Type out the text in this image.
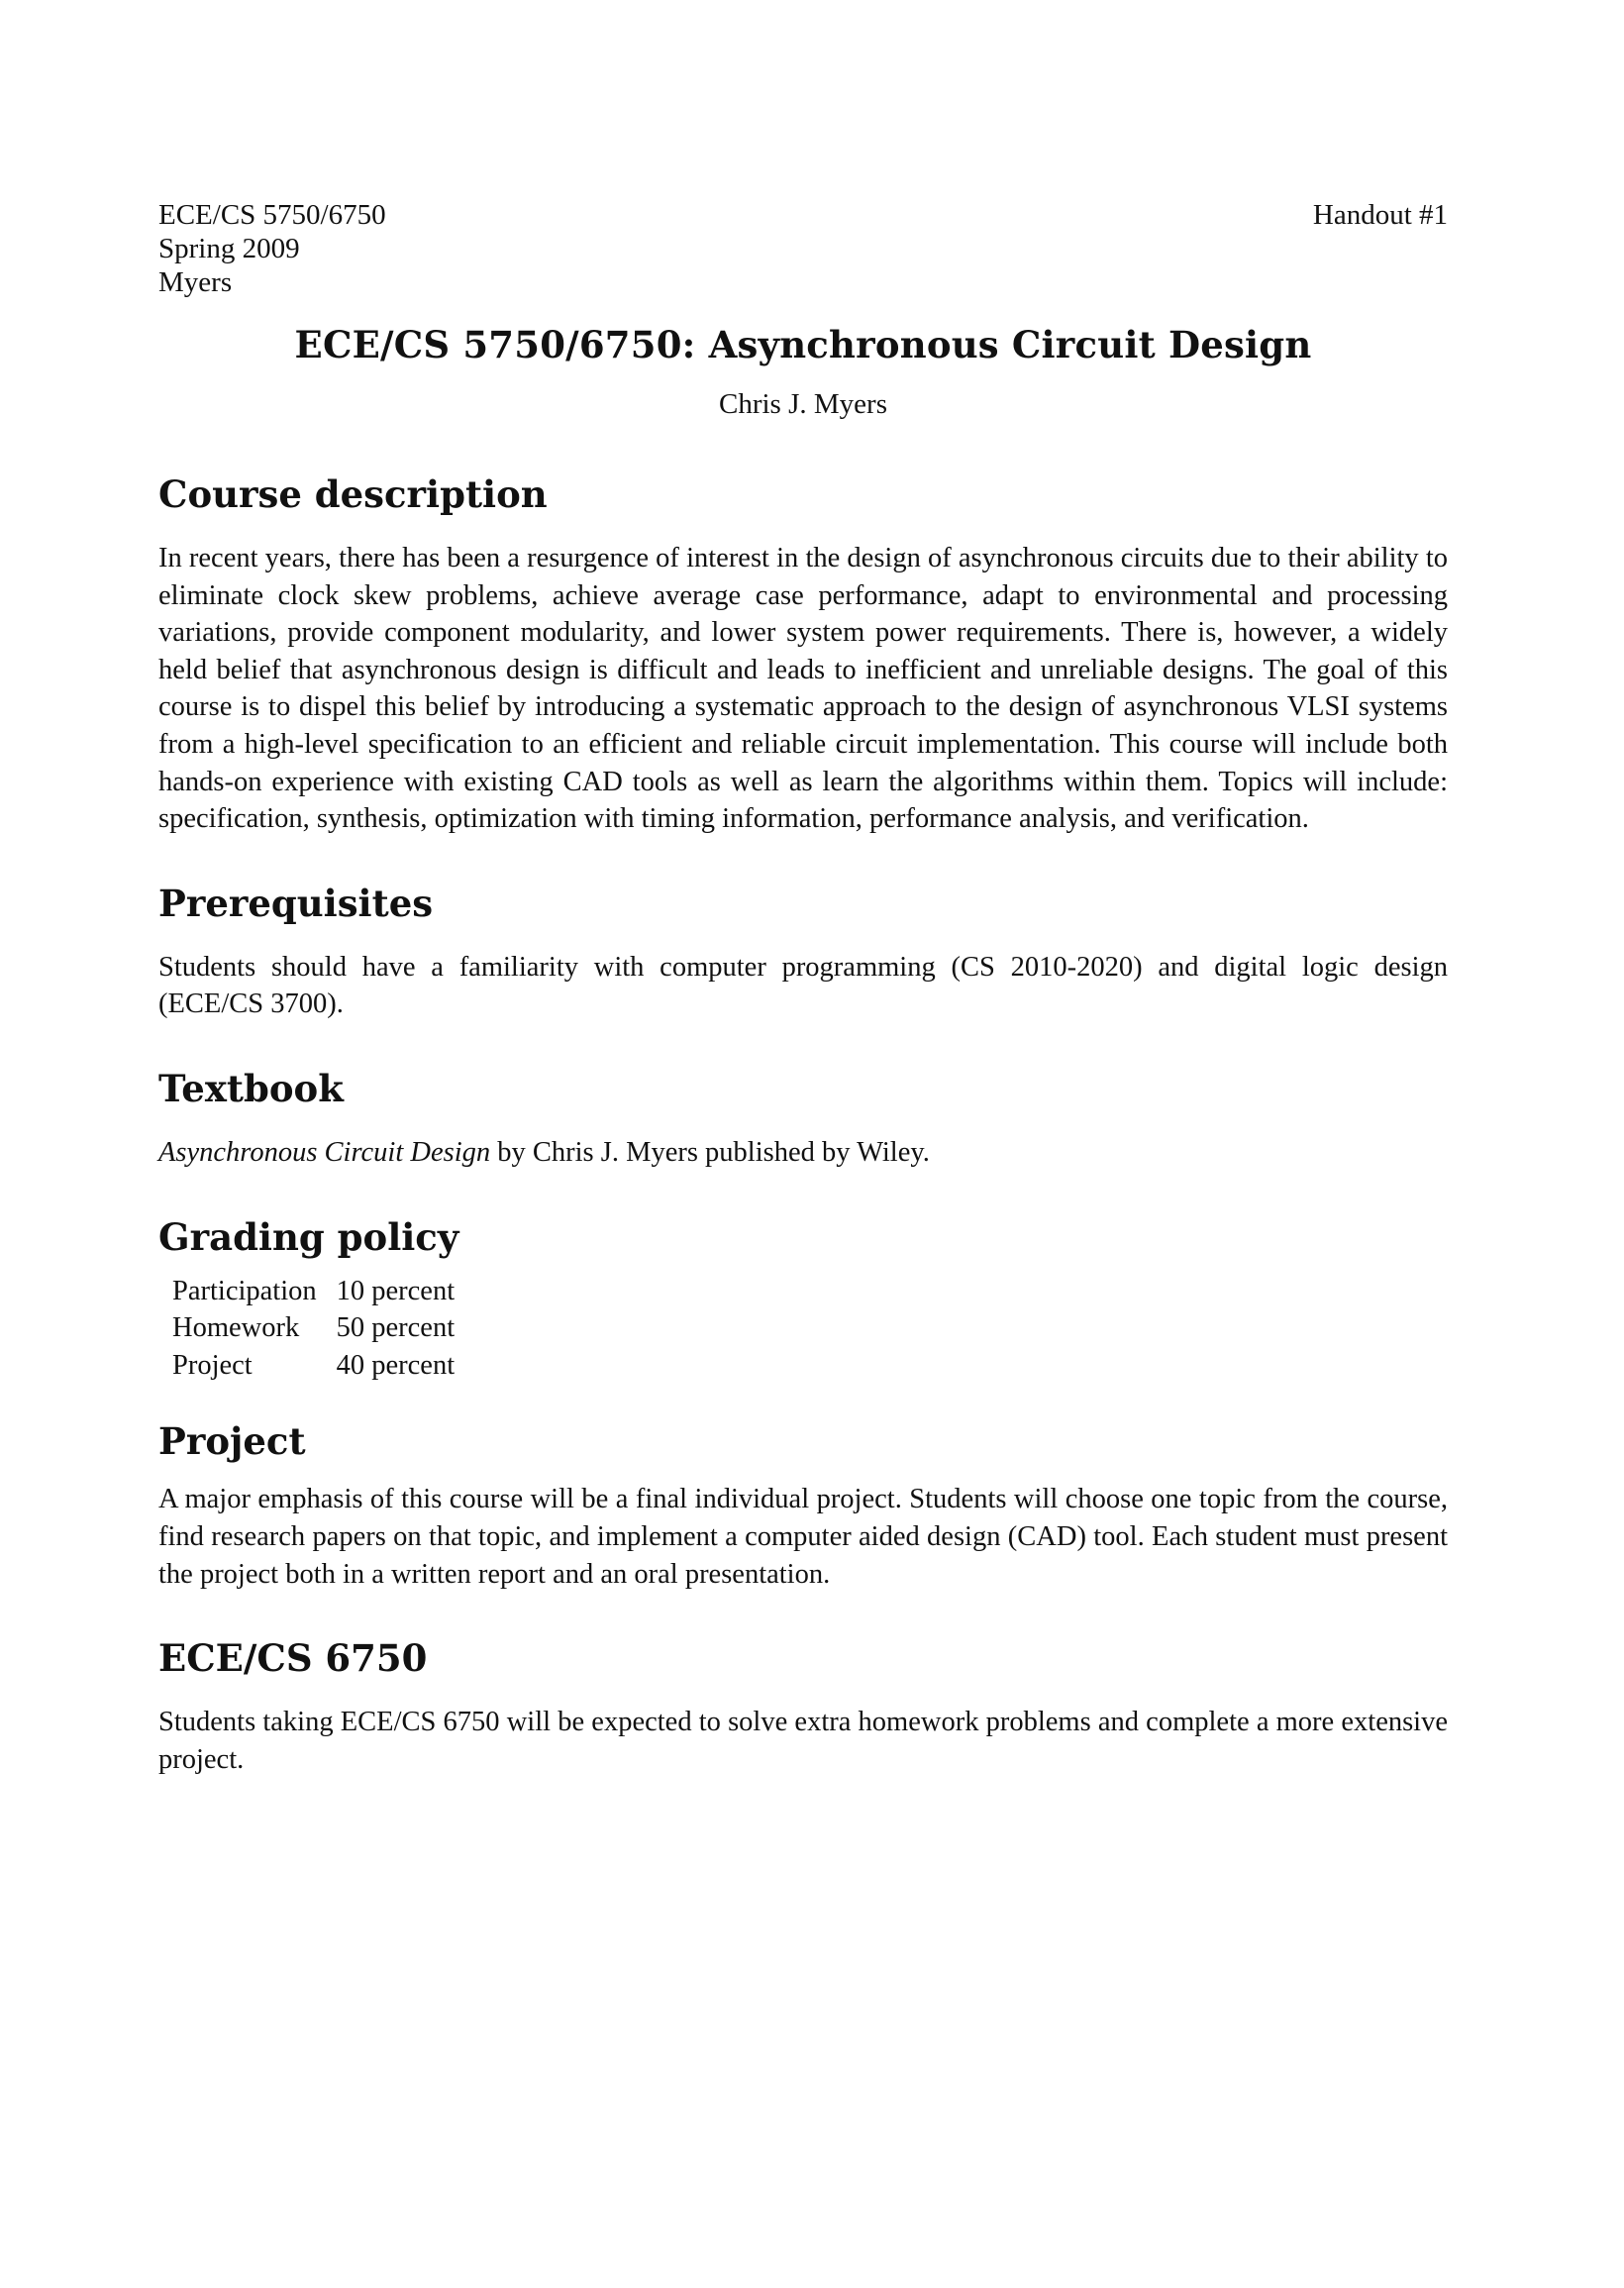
ECE/CS 5750/6750
Spring 2009
Myers
Handout #1
ECE/CS 5750/6750: Asynchronous Circuit Design
Chris J. Myers
Course description

In recent years, there has been a resurgence of interest in the design of asynchronous circuits due to their ability to eliminate clock skew problems, achieve average case performance, adapt to environmental and processing variations, provide component modularity, and lower system power requirements. There is, however, a widely held belief that asynchronous design is difficult and leads to inefficient and unreliable designs. The goal of this course is to dispel this belief by introducing a systematic approach to the design of asynchronous VLSI systems from a high-level specification to an efficient and reliable circuit implementation. This course will include both hands-on experience with existing CAD tools as well as learn the algorithms within them. Topics will include: specification, synthesis, optimization with timing information, performance analysis, and verification.

Prerequisites

Students should have a familiarity with computer programming (CS 2010-2020) and digital logic design (ECE/CS 3700).

Textbook

Asynchronous Circuit Design by Chris J. Myers published by Wiley.

Grading policy
Participation	10 percent
Homework	50 percent
Project	40 percent
Project

A major emphasis of this course will be a final individual project. Students will choose one topic from the course, find research papers on that topic, and implement a computer aided design (CAD) tool. Each student must present the project both in a written report and an oral presentation.

ECE/CS 6750

Students taking ECE/CS 6750 will be expected to solve extra homework problems and complete a more extensive project.
